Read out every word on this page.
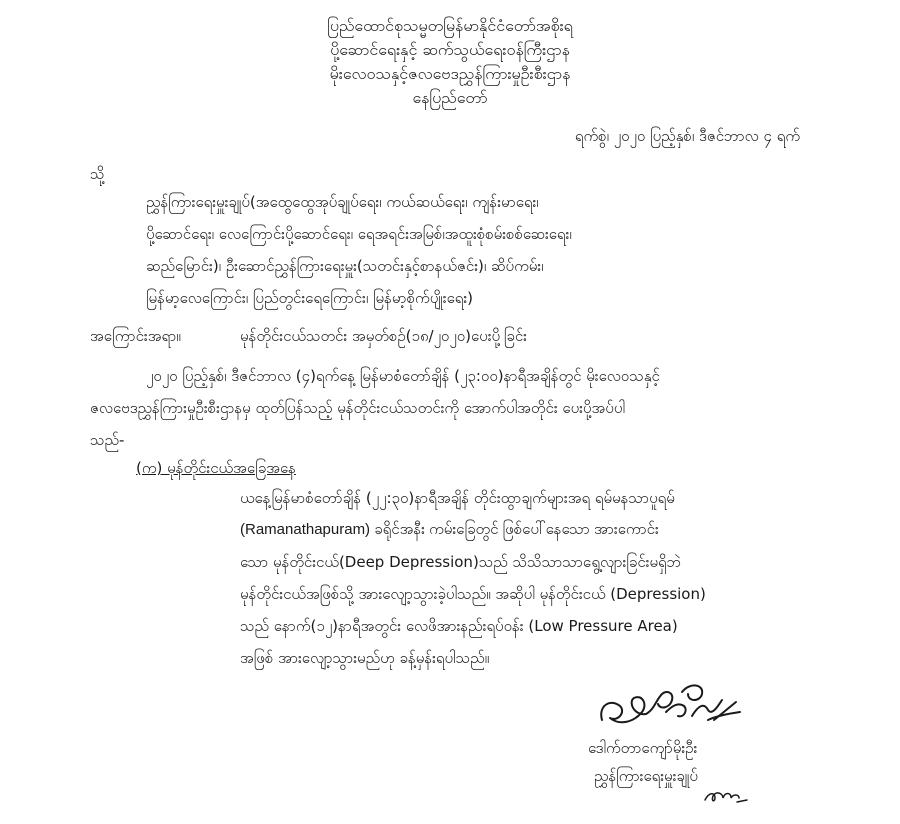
ပြည်ထောင်စုသမ္မတမြန်မာနိုင်ငံတော်အစိုးရ
ပို့ဆောင်ရေးနှင့် ဆက်သွယ်ရေးဝန်ကြီးဌာန
မိုးလေဝသနှင့်ဇလဗေဒညွှန်ကြားမှုဦးစီးဌာန
နေပြည်တော်
ရက်စွဲ၊ ၂၀၂၀ ပြည့်နှစ်၊ ဒီဇင်ဘာလ ၄ ရက်
သို့
ညွှန်ကြားရေးမှူးချုပ်(အထွေထွေအုပ်ချုပ်ရေး၊ ကယ်ဆယ်ရေး၊ ကျန်းမာရေး၊
ပို့ဆောင်ရေး၊ လေကြောင်းပို့ဆောင်ရေး၊ ရေအရင်းအမြစ်၊အထူးစုံစမ်းစစ်ဆေးရေး၊
ဆည်မြောင်း)၊ ဦးဆောင်ညွှန်ကြားရေးမှူး(သတင်းနှင့်စာနယ်ဇင်း)၊ ဆိပ်ကမ်း၊
မြန်မာ့လေကြောင်း၊ ပြည်တွင်းရေကြောင်း၊ မြန်မာ့စိုက်ပျိုးရေး)
အကြောင်းအရာ။	မုန်တိုင်းငယ်သတင်း အမှတ်စဉ်(၁၈/၂၀၂၀)ပေးပို့ခြင်း
၂၀၂၀ ပြည့်နှစ်၊ ဒီဇင်ဘာလ (၄)ရက်နေ့ မြန်မာစံတော်ချိန် (၂၃:၀၀)နာရီအချိန်တွင် မိုးလေဝသနှင့်
ဇလဗေဒညွှန်ကြားမှုဦးစီးဌာနမှ ထုတ်ပြန်သည့် မုန်တိုင်းငယ်သတင်းကို အောက်ပါအတိုင်း ပေးပို့အပ်ပါ
သည်-
(က) မုန်တိုင်းငယ်အခြေအနေ
ယနေ့မြန်မာစံတော်ချိန် (၂၂:၃၀)နာရီအချိန် တိုင်းထွာချက်များအရ ရမ်မနသာပူရမ်
(Ramanathapuram) ခရိုင်အနီး ကမ်းခြေတွင် ဖြစ်ပေါ်နေသော အားကောင်း
သော မုန်တိုင်းငယ်(Deep Depression)သည် သိသိသာသာရွေ့လျားခြင်းမရှိဘဲ
မုန်တိုင်းငယ်အဖြစ်သို့ အားလျော့သွားခဲ့ပါသည်။ အဆိုပါ မုန်တိုင်းငယ် (Depression)
သည် နောက်(၁၂)နာရီအတွင်း လေဖိအားနည်းရပ်ဝန်း (Low Pressure Area)
အဖြစ် အားလျော့သွားမည်ဟု ခန့်မှန်းရပါသည်။
ဒေါက်တာကျော်မိုးဦး
ညွှန်ကြားရေးမှူးချုပ်
